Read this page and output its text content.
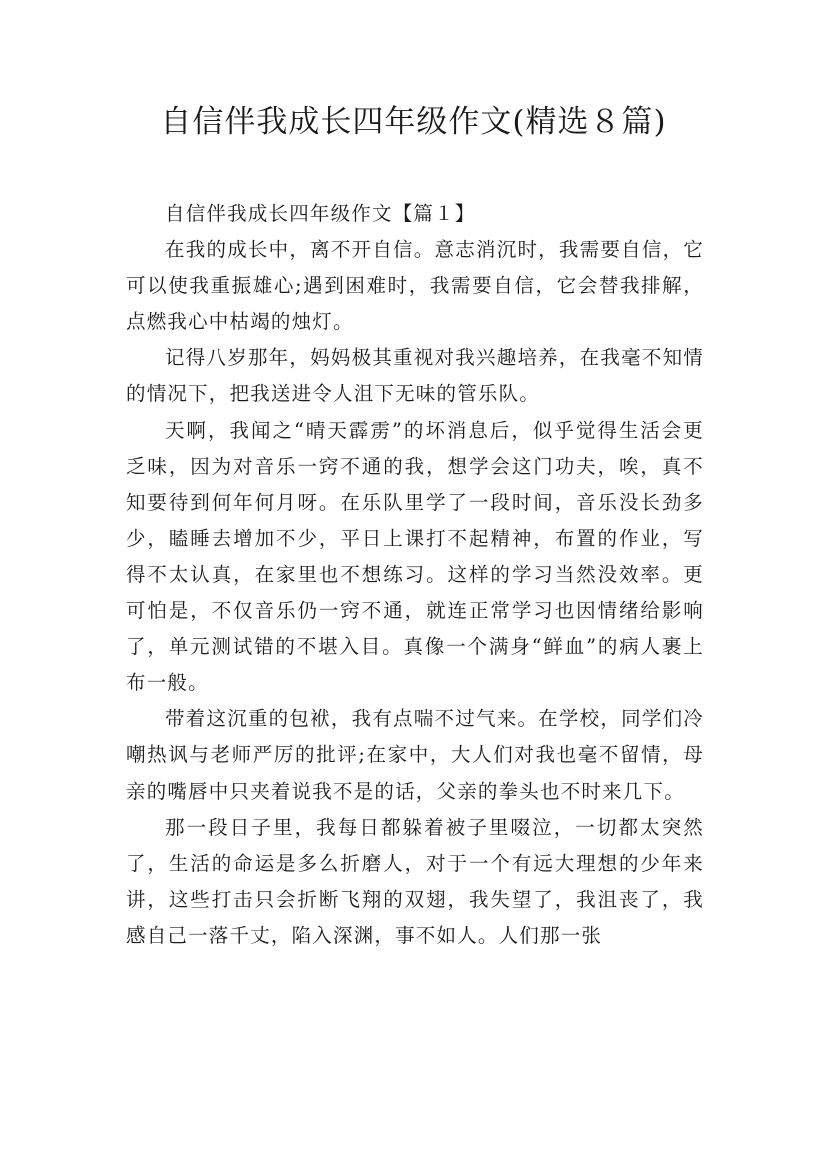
自信伴我成长四年级作文(精选８篇)

自信伴我成长四年级作文【篇１】

在我的成长中，离不开自信。意志消沉时，我需要自信，它可以使我重振雄心;遇到困难时，我需要自信，它会替我排解，点燃我心中枯竭的烛灯。

记得八岁那年，妈妈极其重视对我兴趣培养，在我毫不知情的情况下，把我送进令人沮下无味的管乐队。

天啊，我闻之“晴天霹雳”的坏消息后，似乎觉得生活会更乏味，因为对音乐一窍不通的我，想学会这门功夫，唉，真不知要待到何年何月呀。在乐队里学了一段时间，音乐没长劲多少，瞌睡去增加不少，平日上课打不起精神，布置的作业，写得不太认真，在家里也不想练习。这样的学习当然没效率。更可怕是，不仅音乐仍一窍不通，就连正常学习也因情绪给影响了，单元测试错的不堪入目。真像一个满身“鲜血”的病人裹上布一般。

带着这沉重的包袱，我有点喘不过气来。在学校，同学们冷嘲热讽与老师严厉的批评;在家中，大人们对我也毫不留情，母亲的嘴唇中只夹着说我不是的话，父亲的拳头也不时来几下。

那一段日子里，我每日都躲着被子里啜泣，一切都太突然了，生活的命运是多么折磨人，对于一个有远大理想的少年来讲，这些打击只会折断飞翔的双翅，我失望了，我沮丧了，我感自己一落千丈，陷入深渊，事不如人。人们那一张
